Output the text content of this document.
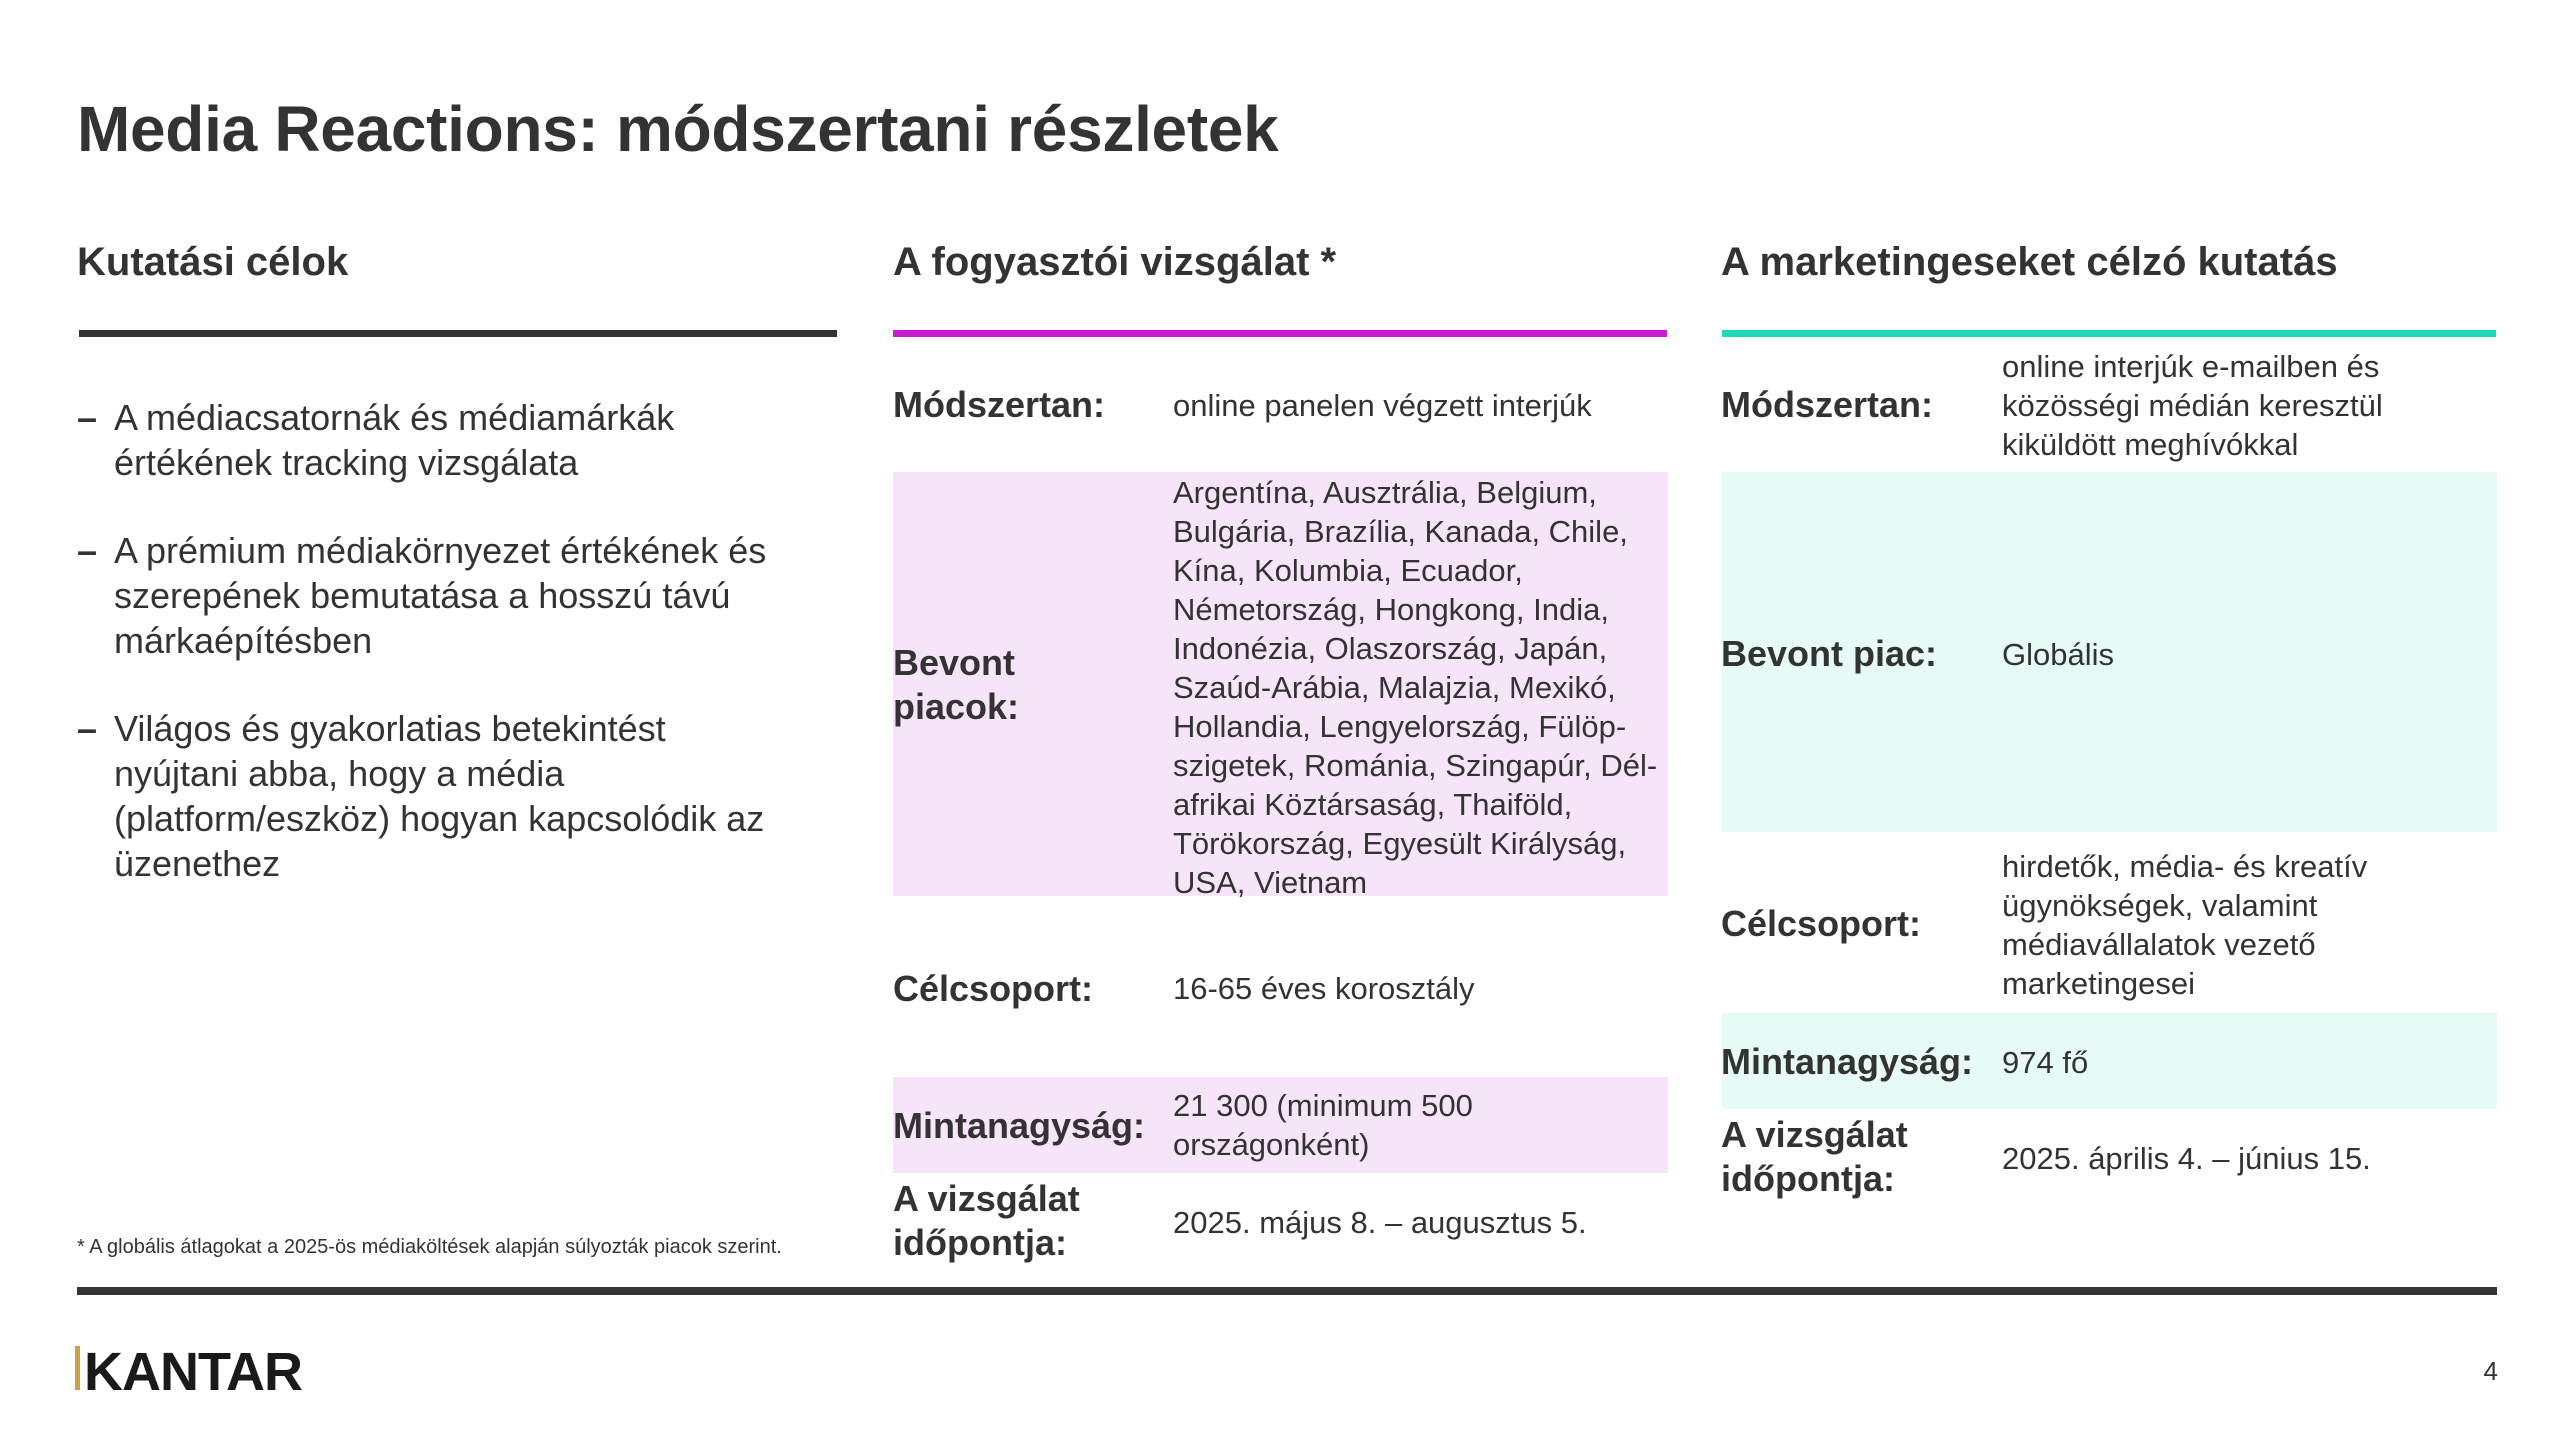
Media Reactions: módszertani részletek
Kutatási célok
– A médiacsatornák és médiamárkák értékének tracking vizsgálata
– A prémium médiakörnyezet értékének és szerepének bemutatása a hosszú távú márkaépítésben
– Világos és gyakorlatias betekintést nyújtani abba, hogy a média (platform/eszköz) hogyan kapcsolódik az üzenethez
A fogyasztói vizsgálat *
Módszertan: online panelen végzett interjúk
Bevont piacok:
Argentína, Ausztrália, Belgium, Bulgária, Brazília, Kanada, Chile, Kína, Kolumbia, Ecuador, Németország, Hongkong, India, Indonézia, Olaszország, Japán, Szaúd-Arábia, Malajzia, Mexikó, Hollandia, Lengyelország, Fülöp-szigetek, Románia, Szingapúr, Dél-afrikai Köztársaság, Thaiföld, Törökország, Egyesült Királyság, USA, Vietnam
Célcsoport:	16-65 éves korosztály
Mintanagyság: 21 300 (minimum 500 országonként)
A vizsgálat időpontja:	2025. május 8. – augusztus 5.
A marketingeseket célzó kutatás
Módszertan:
online interjúk e-mailben és közösségi médián keresztül kiküldött meghívókkal
Bevont piac: Globális
Célcsoport:
hirdetők, média- és kreatív ügynökségek, valamint médiavállalatok vezető marketingesei
Mintanagyság: 974 fő
A vizsgálat időpontja:	2025. április 4. – június 15.
* A globális átlagokat a 2025-ös médiaköltések alapján súlyozták piacok szerint.
KANTAR	4
